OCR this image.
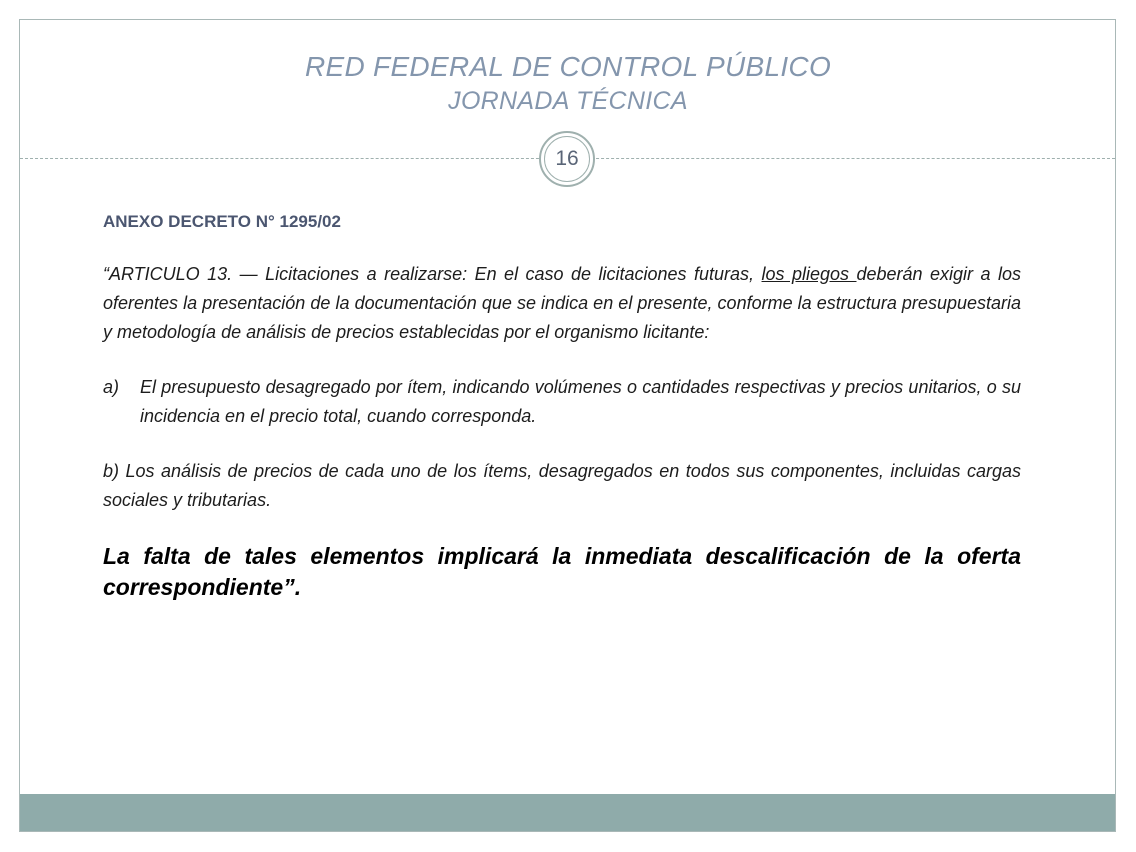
RED FEDERAL DE CONTROL PÚBLICO
JORNADA TÉCNICA
16

ANEXO DECRETO N° 1295/02

“ARTICULO 13. — Licitaciones a realizarse: En el caso de licitaciones futuras, los pliegos deberán exigir a los oferentes la presentación de la documentación que se indica en el presente, conforme la estructura presupuestaria y metodología de análisis de precios establecidas por el organismo licitante:

a)	El presupuesto desagregado por ítem, indicando volúmenes o cantidades respectivas y precios unitarios, o su incidencia en el precio total, cuando corresponda.

b) Los análisis de precios de cada uno de los ítems, desagregados en todos sus componentes, incluidas cargas sociales y tributarias.

La falta de tales elementos implicará la inmediata descalificación de la oferta correspondiente”.
